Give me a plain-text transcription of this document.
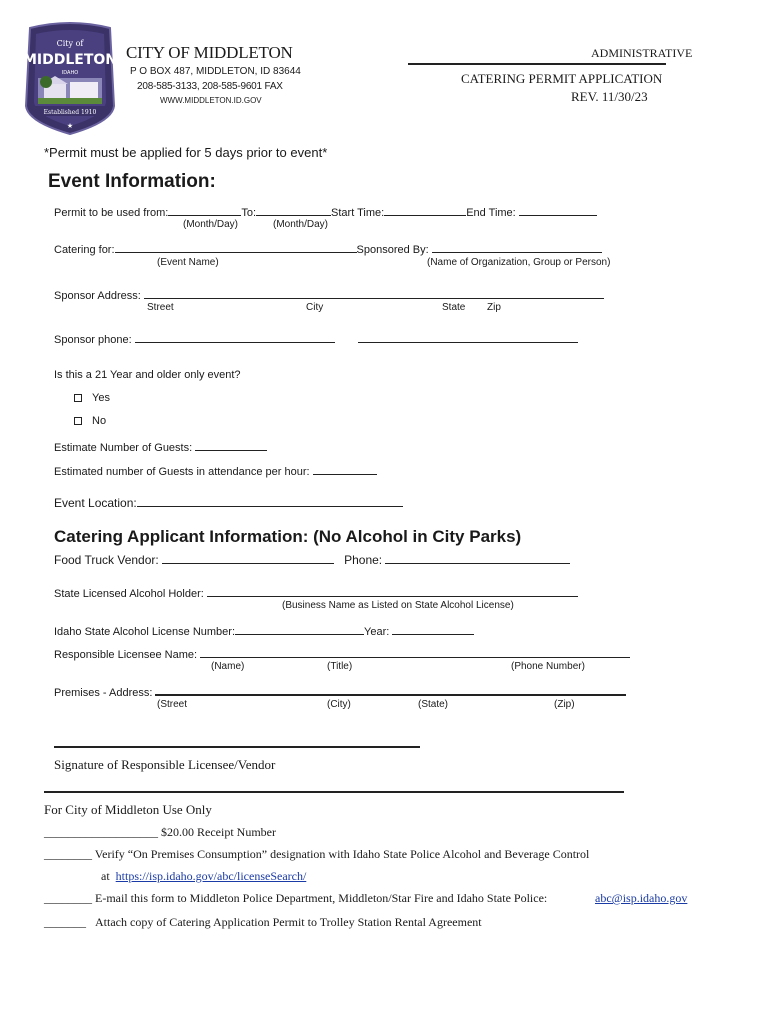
City of
MIDDLETON
IDAHO
Established 1910
★
CITY OF MIDDLETON
P O BOX 487, MIDDLETON, ID 83644
208-585-3133, 208-585-9601 FAX
WWW.MIDDLETON.ID.GOV
ADMINISTRATIVE
CATERING PERMIT APPLICATION
REV. 11/30/23
*Permit must be applied for 5 days prior to event*
Event Information:
Permit to be used from:	To:	Start Time:	End Time:
(Month/Day)	(Month/Day)
Catering for:	Sponsored By:
(Event Name)	(Name of Organization, Group or Person)
Sponsor Address:
Street	City	State Zip
Sponsor phone:
Is this a 21 Year and older only event?
Yes
No
Estimate Number of Guests:
Estimated number of Guests in attendance per hour:
Event Location:
Catering Applicant Information: (No Alcohol in City Parks)
Food Truck Vendor:	Phone:
State Licensed Alcohol Holder:
(Business Name as Listed on State Alcohol License)
Idaho State Alcohol License Number:	Year:
Responsible Licensee Name:
(Name)	(Title)	(Phone Number)
Premises - Address:
(Street	(City)	(State)	(Zip)
Signature of Responsible Licensee/Vendor
For City of Middleton Use Only
___________________ $20.00 Receipt Number
________ Verify “On Premises Consumption” designation with Idaho State Police Alcohol and Beverage Control
at https://isp.idaho.gov/abc/licenseSearch/
________ E-mail this form to Middleton Police Department, Middleton/Star Fire and Idaho State Police:	abc@isp.idaho.gov
_______ Attach copy of Catering Application Permit to Trolley Station Rental Agreement
